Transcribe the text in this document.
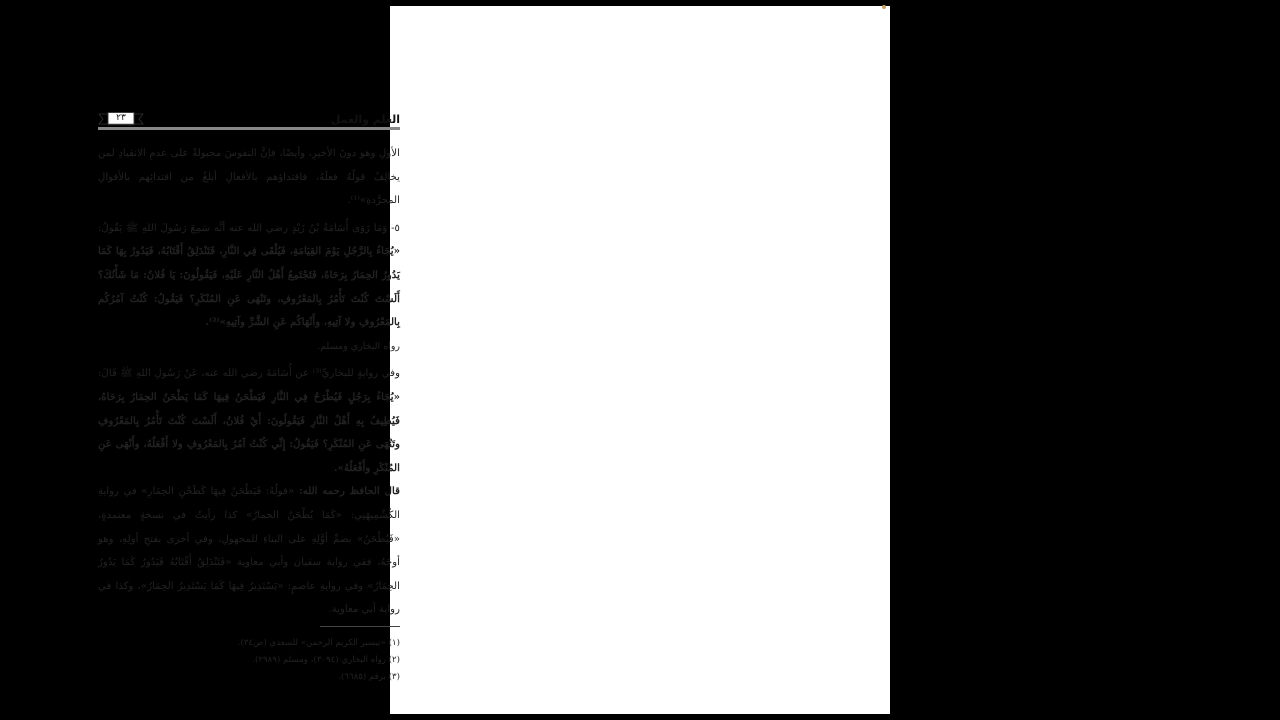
العلم والعمل
٢٣

الأولِ وهو دونَ الأخيرِ، وأيضًا، فإنَّ النفوسَ مجبولةٌ على عدمِ الانقيادِ لمن يخالِفُ قولُهُ فعلَهُ، فاقتداؤهم بالأفعالِ أبلغُ من اقتدائِهم بالأقوالِ المجرَّدةِ»⁽¹⁾.

٥- وَمَا رَوَى أُسَامَةُ بْنُ زَيْدٍ رضي الله عنه أنَّه سَمِعَ رَسُولَ اللهِ ﷺ يَقُولُ: «يُجَاءُ بِالرَّجُلِ يَوْمَ القِيَامَةِ، فَيُلْقَى فِي النَّارِ، فَتَنْدَلِقُ أَقْتَابُهُ، فَيَدُورُ بِهَا كَمَا يَدُورُ الحِمَارُ بِرَحَاهُ، فَتَجْتَمِعُ أَهْلُ النَّارِ عَلَيْهِ، فَيَقُولُونَ: يَا فُلانُ: مَا شَأْنُكَ؟ أَلَسْتَ كُنْتَ تَأْمُرُ بِالمَعْرُوفِ، وتَنْهَى عَنِ المُنْكَرِ؟ فَيَقُولُ: كُنْتُ آمُرُكُم بِالمَعْرُوفِ ولا آتِيهِ، وأَنْهَاكُم عَنِ الشَّرِّ وآتِيهِ»⁽²⁾.

رواه البخاري ومسلم.

وفي روايةٍ للبخاريِّ⁽³⁾ عن أُسَامَةَ رضي الله عنه، عَنْ رَسُولِ اللهِ ﷺ قَالَ: «يُجَاءُ بِرَجُلٍ فَيُطْرَحُ فِي النَّارِ فَيَطْحَنُ فِيهَا كَمَا يَطْحَنُ الحِمَارُ بِرَحَاهُ، فَيُطِيفُ بِهِ أَهْلُ النَّارِ فَيَقُولُونَ: أَيْ فُلانُ، أَلَسْتَ كُنْتَ تَأْمُرُ بِالمَعْرُوفِ وتَنْهَى عَنِ المُنْكَرِ؟ فَيَقُولُ: إِنِّي كُنْتُ آمُرُ بِالمَعْرُوفِ ولا أَفْعَلُهُ، وأَنْهَى عَنِ المُنْكَرِ وأَفْعَلُهُ».

قال الحافظ رحمه الله: «قولُهُ: فَيَطْحَنُ فِيهَا كَطَحْنِ الحِمَارِ» في روايةِ الكُشْمِيهَنِي: «كَمَا يُطْحَنُ الحمارُ» كذا رأيتُ في نسخةٍ معتمدةٍ، «فَيُطْحَنُ» بضمِّ أوَّلِهِ على البناءِ للمجهولِ، وفي أخرى بفتحِ أولِهِ، وهو أوجَهُ، ففي رواية سفيان وأبي معاوية «فَتَنْدَلِقُ أَقْتَابُهُ فَيَدُورُ كَمَا يَدُورُ الحِمَارُ» وفي روايةِ عاصمٍ: «يَسْتَدِيرُ فِيهَا كَمَا يَسْتَدِيرُ الحِمَارُ»، وكذا في رواية أبي معاوية.

(١) «تيسير الكريم الرحمن» للسعدي (ص٣٤).

(٢) رواه البخاري (٣٠٩٤)، ومسلم (٢٩٨٩).

(٣) برقم (٦٦٨٥).
